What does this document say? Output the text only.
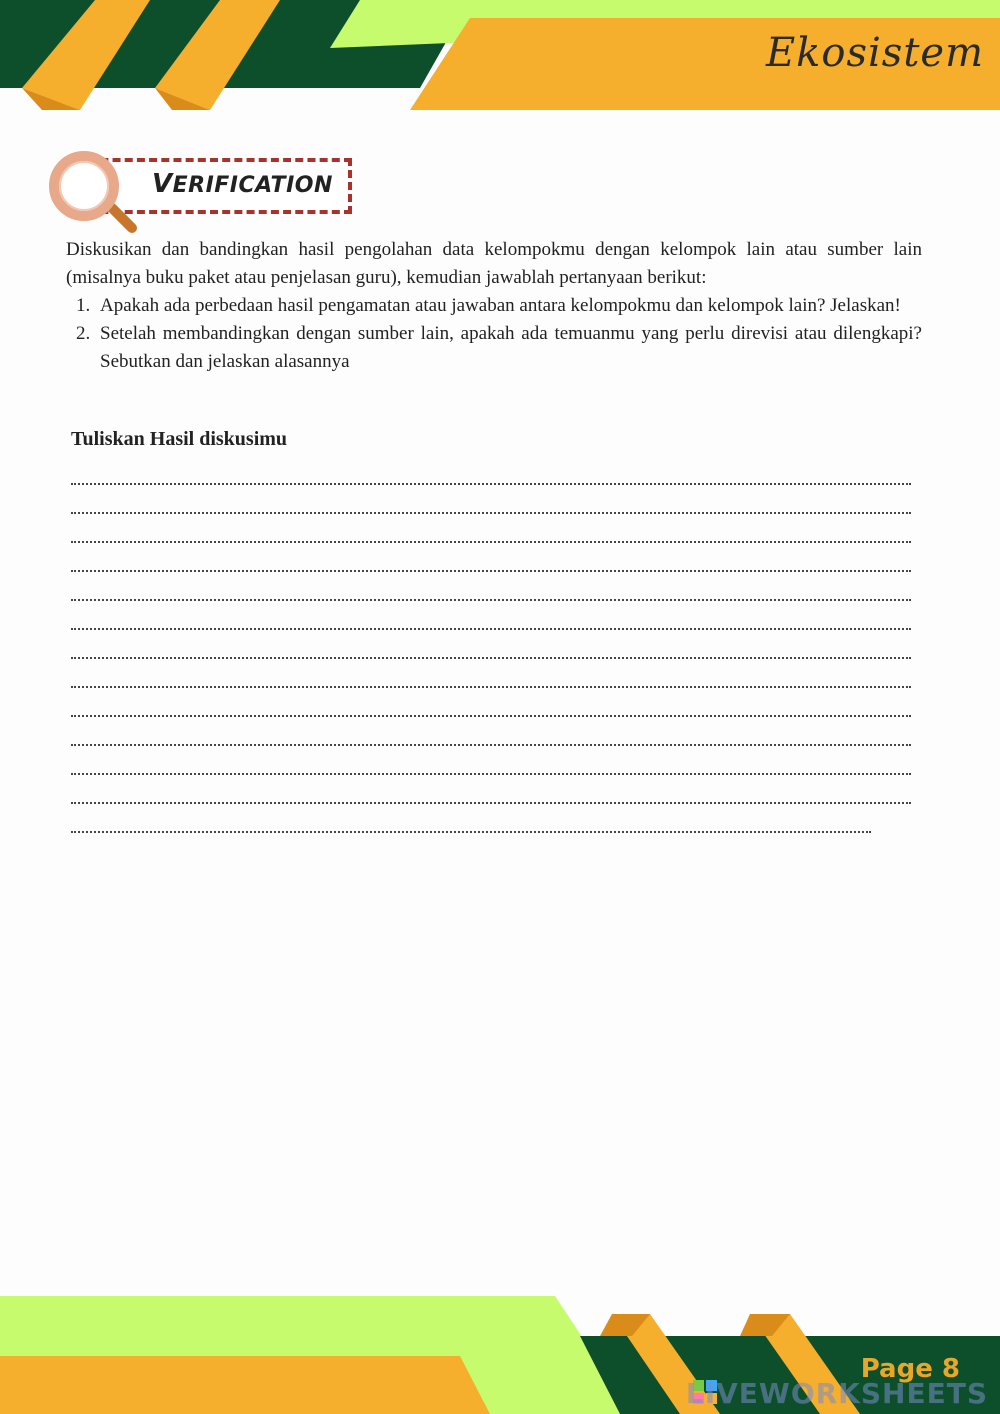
Ekosistem
VERIFICATION

Diskusikan dan bandingkan hasil pengolahan data kelompokmu dengan kelompok lain atau sumber lain (misalnya buku paket atau penjelasan guru), kemudian jawablah pertanyaan berikut:

1. Apakah ada perbedaan hasil pengamatan atau jawaban antara kelompokmu dan kelompok lain? Jelaskan!
2. Setelah membandingkan dengan sumber lain, apakah ada temuanmu yang perlu direvisi atau dilengkapi? Sebutkan dan jelaskan alasannya
Tuliskan Hasil diskusimu
Page 8
LIVEWORKSHEETS
